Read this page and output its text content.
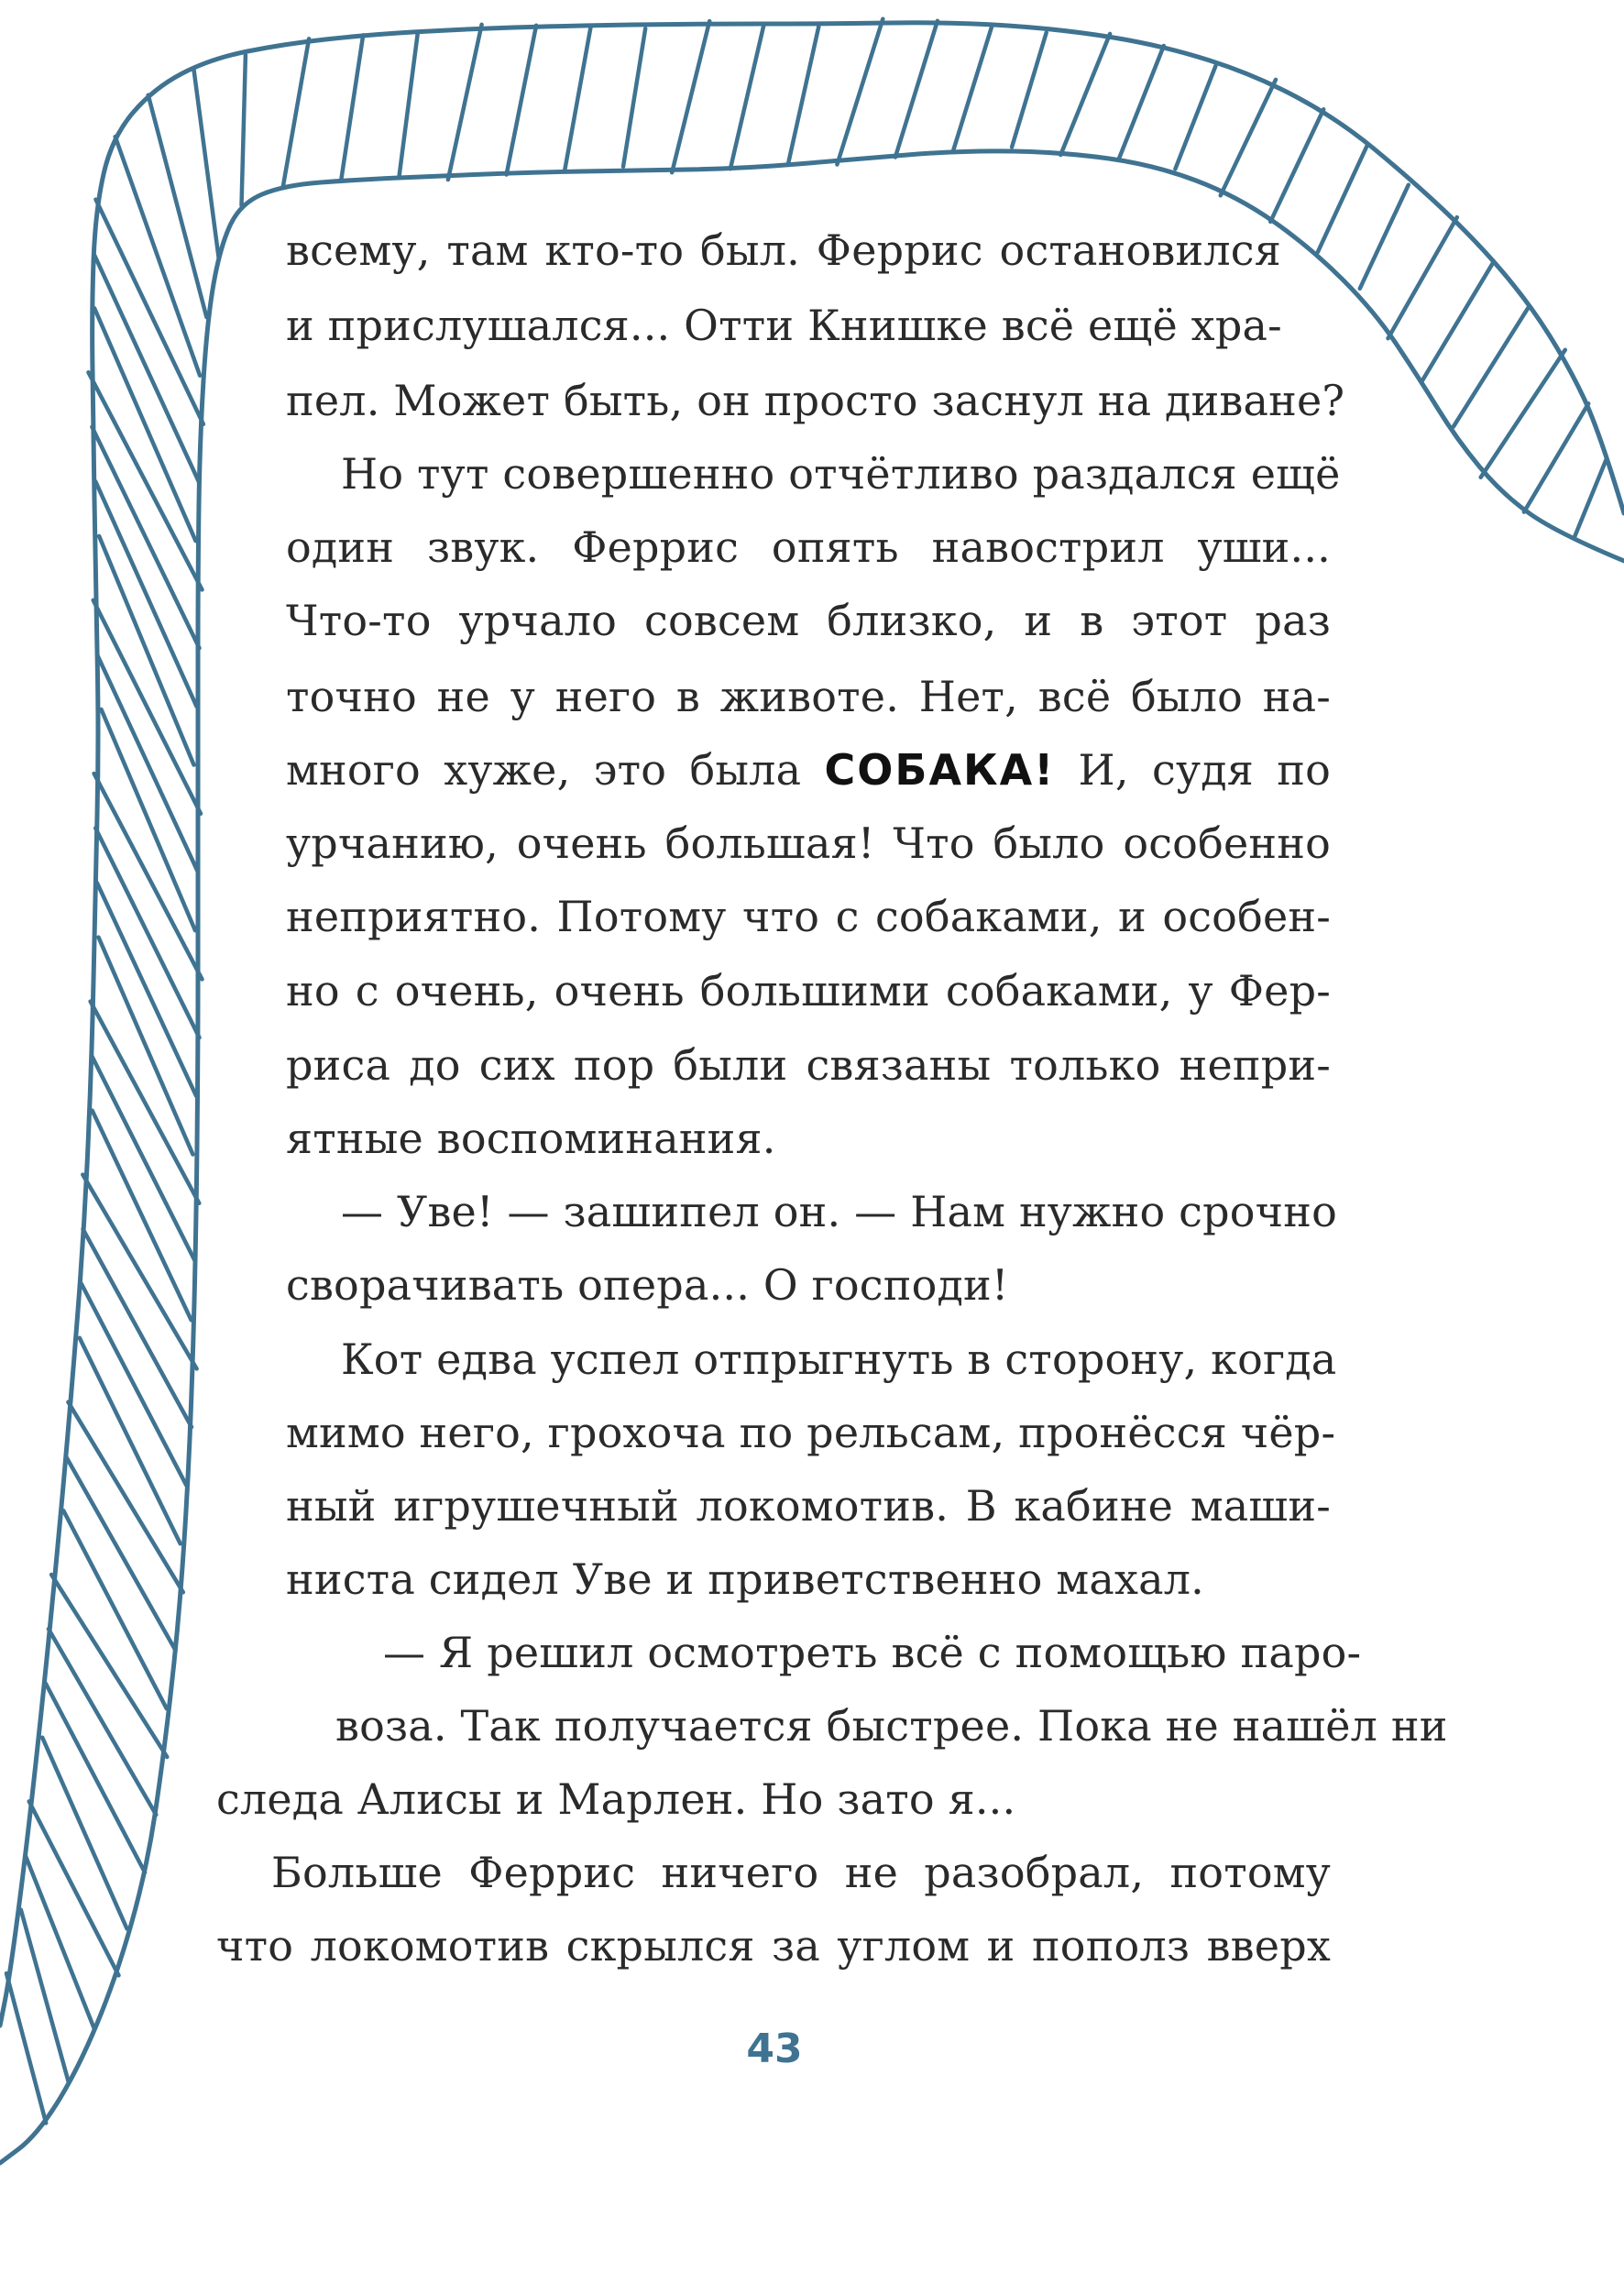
всему, там кто-то был. Феррис остановился
и прислушался... Отти Книшке всё ещё хра-
пел. Может быть, он просто заснул на диване?
Но тут совершенно отчётливо раздался ещё
один звук. Феррис опять навострил уши...
Что-то урчало совсем близко, и в этот раз
точно не у него в животе. Нет, всё было на-
много хуже, это была СОБАКА! И, судя по
урчанию, очень большая! Что было особенно
неприятно. Потому что с собаками, и особен-
но с очень, очень большими собаками, у Фер-
риса до сих пор были связаны только непри-
ятные воспоминания.
— Уве! — зашипел он. — Нам нужно срочно
сворачивать опера... О господи!
Кот едва успел отпрыгнуть в сторону, когда
мимо него, грохоча по рельсам, пронёсся чёр-
ный игрушечный локомотив. В кабине маши-
ниста сидел Уве и приветственно махал.
— Я решил осмотреть всё с помощью паро-
воза. Так получается быстрее. Пока не нашёл ни
следа Алисы и Марлен. Но зато я...
Больше Феррис ничего не разобрал, потому
что локомотив скрылся за углом и пополз вверх
43
